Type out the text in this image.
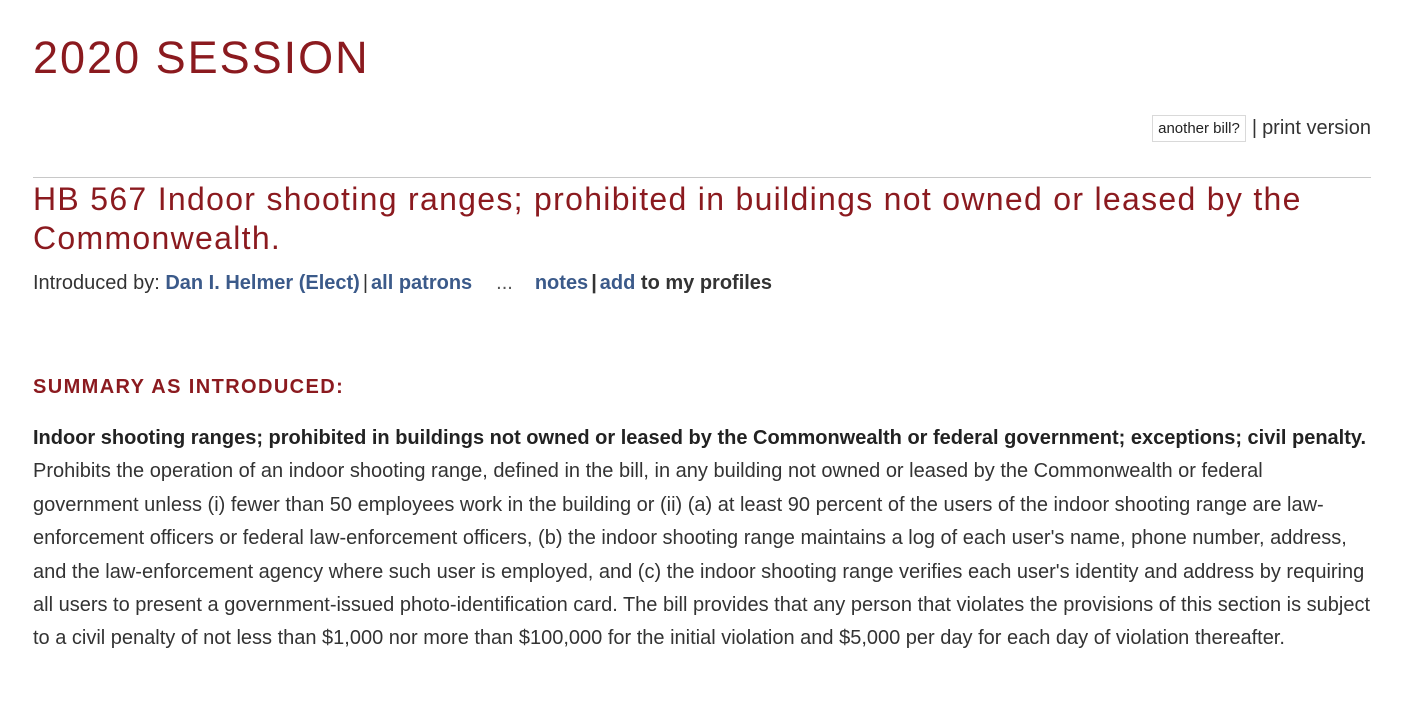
2020 SESSION
another bill? | print version
HB 567 Indoor shooting ranges; prohibited in buildings not owned or leased by the Commonwealth.
Introduced by: Dan I. Helmer (Elect) | all patrons ... notes | add to my profiles
SUMMARY AS INTRODUCED:

Indoor shooting ranges; prohibited in buildings not owned or leased by the Commonwealth or federal government; exceptions; civil penalty. Prohibits the operation of an indoor shooting range, defined in the bill, in any building not owned or leased by the Commonwealth or federal government unless (i) fewer than 50 employees work in the building or (ii) (a) at least 90 percent of the users of the indoor shooting range are law-enforcement officers or federal law-enforcement officers, (b) the indoor shooting range maintains a log of each user's name, phone number, address, and the law-enforcement agency where such user is employed, and (c) the indoor shooting range verifies each user's identity and address by requiring all users to present a government-issued photo-identification card. The bill provides that any person that violates the provisions of this section is subject to a civil penalty of not less than $1,000 nor more than $100,000 for the initial violation and $5,000 per day for each day of violation thereafter.
